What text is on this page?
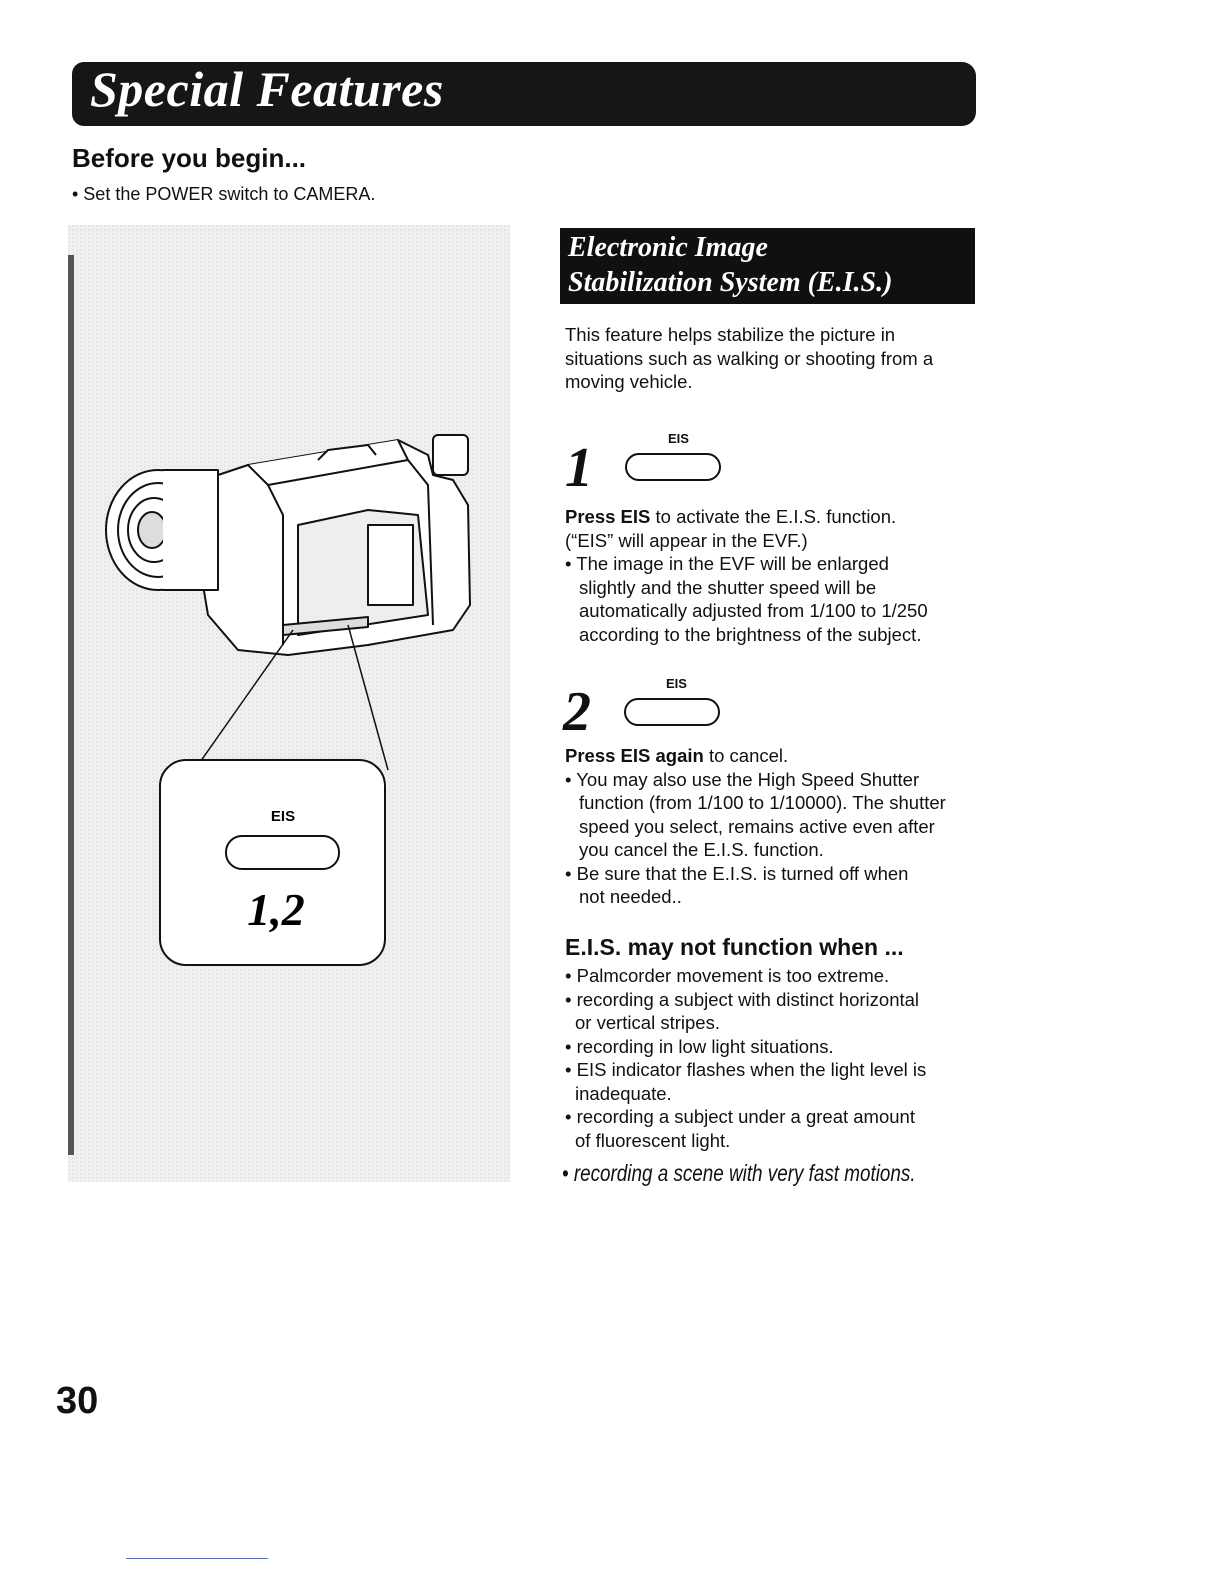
Special Features
Before you begin...
• Set the POWER switch to CAMERA.
EIS
1,2
Electronic Image
Stabilization System (E.I.S.)
This feature helps stabilize the picture in
situations such as walking or shooting from a
moving vehicle.
1	EIS
Press EIS to activate the E.I.S. function.
(“EIS” will appear in the EVF.)
• The image in the EVF will be enlarged
slightly and the shutter speed will be
automatically adjusted from 1/100 to 1/250
according to the brightness of the subject.
2	EIS
Press EIS again to cancel.
• You may also use the High Speed Shutter
function (from 1/100 to 1/10000). The shutter
speed you select, remains active even after
you cancel the E.I.S. function.
• Be sure that the E.I.S. is turned off when
not needed..
E.I.S. may not function when ...
• Palmcorder movement is too extreme.
• recording a subject with distinct horizontal
or vertical stripes.
• recording in low light situations.
• EIS indicator flashes when the light level is
inadequate.
• recording a subject under a great amount
of fluorescent light.
• recording a scene with very fast motions.
30
